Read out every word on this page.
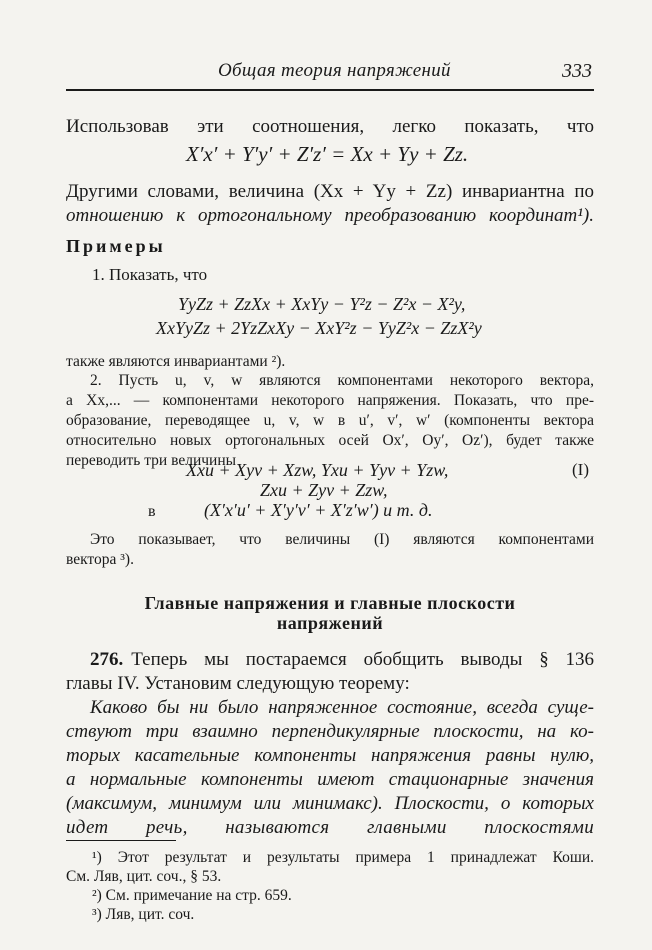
Общая теория напряжений	333
Использовав эти соотношения, легко показать, что
X′x′ + Y′y′ + Z′z′ = Xx + Yy + Zz.
Другими словами, величина (Xx + Yy + Zz) инвариантна по
отношению к ортогональному преобразованию координат¹).
Примеры
1. Показать, что
YyZz + ZzXx + XxYy − Y²z − Z²x − X²y,
XxYyZz + 2YzZxXy − XxY²z − YyZ²x − ZzX²y
также являются инвариантами ²).
2. Пусть u, v, w являются компонентами некоторого вектора,
a Xx,... — компонентами некоторого напряжения. Показать, что пре-
образование, переводящее u, v, w в u′, v′, w′ (компоненты вектора
относительно новых ортогональных осей Ox′, Oy′, Oz′), будет также
переводить три величины
Xxu + Xyv + Xzw, Yxu + Yyv + Yzw,	(I)
Zxu + Zyv + Zzw,
в	(X′x′u′ + X′y′v′ + X′z′w′) и т. д.
Это показывает, что величины (I) являются компонентами
вектора ³).
Главные напряжения и главные плоскости
напряжений
276. Теперь мы постараемся обобщить выводы § 136
главы IV. Установим следующую теорему:
Каково бы ни было напряженное состояние, всегда суще-
ствуют три взаимно перпендикулярные плоскости, на ко-
торых касательные компоненты напряжения равны нулю,
а нормальные компоненты имеют стационарные значения
(максимум, минимум или минимакс). Плоскости, о которых
идет речь, называются главными плоскостями
¹) Этот результат и результаты примера 1 принадлежат Коши.
См. Ляв, цит. соч., § 53.
²) См. примечание на стр. 659.
³) Ляв, цит. соч.
